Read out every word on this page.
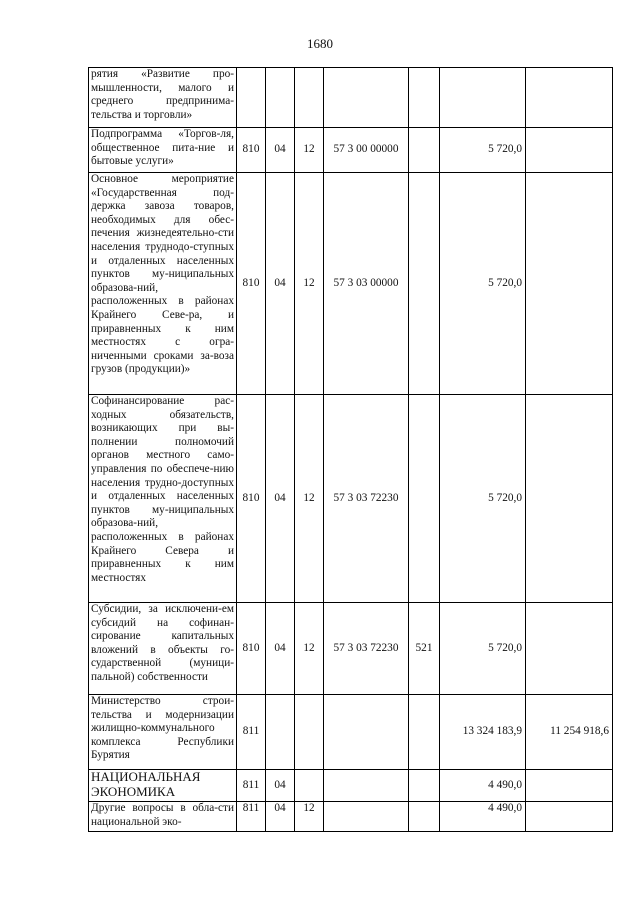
1680
рятия «Развитие про-мышленности, малого и среднего предпринима-тельства и торговли»							
Подпрограмма «Торгов-ля, общественное пита-ние и бытовые услуги»	810	04	12	57 3 00 00000		5 720,0	
Основное мероприятие «Государственная под-держка завоза товаров, необходимых для обес-печения жизнедеятельно-сти населения труднодо-ступных и отдаленных населенных пунктов му-ниципальных образова-ний, расположенных в районах Крайнего Севе-ра, и приравненных к ним местностях с огра-ниченными сроками за-воза грузов (продукции)»	810	04	12	57 3 03 00000		5 720,0	
Софинансирование рас-ходных обязательств, возникающих при вы-полнении полномочий органов местного само-управления по обеспече-нию населения трудно-доступных и отдаленных населенных пунктов му-ниципальных образова-ний, расположенных в районах Крайнего Севера и приравненных к ним местностях	810	04	12	57 3 03 72230		5 720,0	
Субсидии, за исключени-ем субсидий на софинан-сирование капитальных вложений в объекты го-сударственной (муници-пальной) собственности	810	04	12	57 3 03 72230	521	5 720,0	
Министерство строи-тельства и модернизации жилищно-коммунального комплекса Республики Бурятия	811					13 324 183,9	11 254 918,6
НАЦИОНАЛЬНАЯ ЭКОНОМИКА	811	04				4 490,0	
Другие вопросы в обла-сти национальной эко-	811	04	12			4 490,0	
